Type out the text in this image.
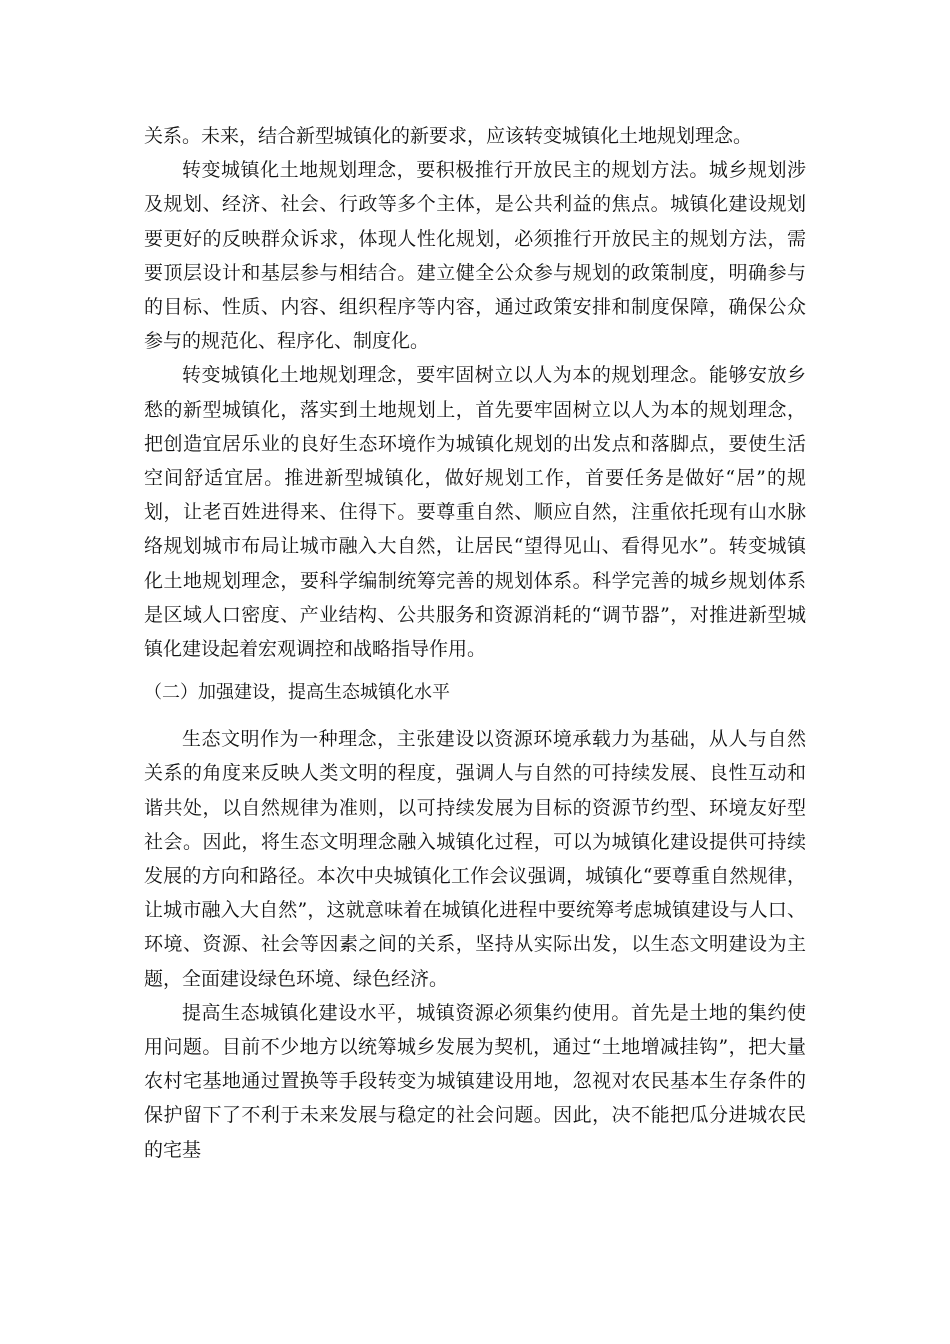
关系。未来，结合新型城镇化的新要求，应该转变城镇化土地规划理念。

转变城镇化土地规划理念，要积极推行开放民主的规划方法。城乡规划涉及规划、经济、社会、行政等多个主体，是公共利益的焦点。城镇化建设规划要更好的反映群众诉求，体现人性化规划，必须推行开放民主的规划方法，需要顶层设计和基层参与相结合。建立健全公众参与规划的政策制度，明确参与的目标、性质、内容、组织程序等内容，通过政策安排和制度保障，确保公众参与的规范化、程序化、制度化。

转变城镇化土地规划理念，要牢固树立以人为本的规划理念。能够安放乡愁的新型城镇化，落实到土地规划上，首先要牢固树立以人为本的规划理念，把创造宜居乐业的良好生态环境作为城镇化规划的出发点和落脚点，要使生活空间舒适宜居。推进新型城镇化，做好规划工作，首要任务是做好“居”的规划，让老百姓进得来、住得下。要尊重自然、顺应自然，注重依托现有山水脉络规划城市布局让城市融入大自然，让居民“望得见山、看得见水”。转变城镇化土地规划理念，要科学编制统筹完善的规划体系。科学完善的城乡规划体系是区域人口密度、产业结构、公共服务和资源消耗的“调节器”，对推进新型城镇化建设起着宏观调控和战略指导作用。

（二）加强建设，提高生态城镇化水平

生态文明作为一种理念，主张建设以资源环境承载力为基础，从人与自然关系的角度来反映人类文明的程度，强调人与自然的可持续发展、良性互动和谐共处，以自然规律为准则，以可持续发展为目标的资源节约型、环境友好型社会。因此，将生态文明理念融入城镇化过程，可以为城镇化建设提供可持续发展的方向和路径。本次中央城镇化工作会议强调，城镇化“要尊重自然规律，让城市融入大自然”，这就意味着在城镇化进程中要统筹考虑城镇建设与人口、环境、资源、社会等因素之间的关系，坚持从实际出发，以生态文明建设为主题，全面建设绿色环境、绿色经济。

提高生态城镇化建设水平，城镇资源必须集约使用。首先是土地的集约使用问题。目前不少地方以统筹城乡发展为契机，通过“土地增减挂钩”，把大量农村宅基地通过置换等手段转变为城镇建设用地，忽视对农民基本生存条件的保护留下了不利于未来发展与稳定的社会问题。因此，决不能把瓜分进城农民的宅基
